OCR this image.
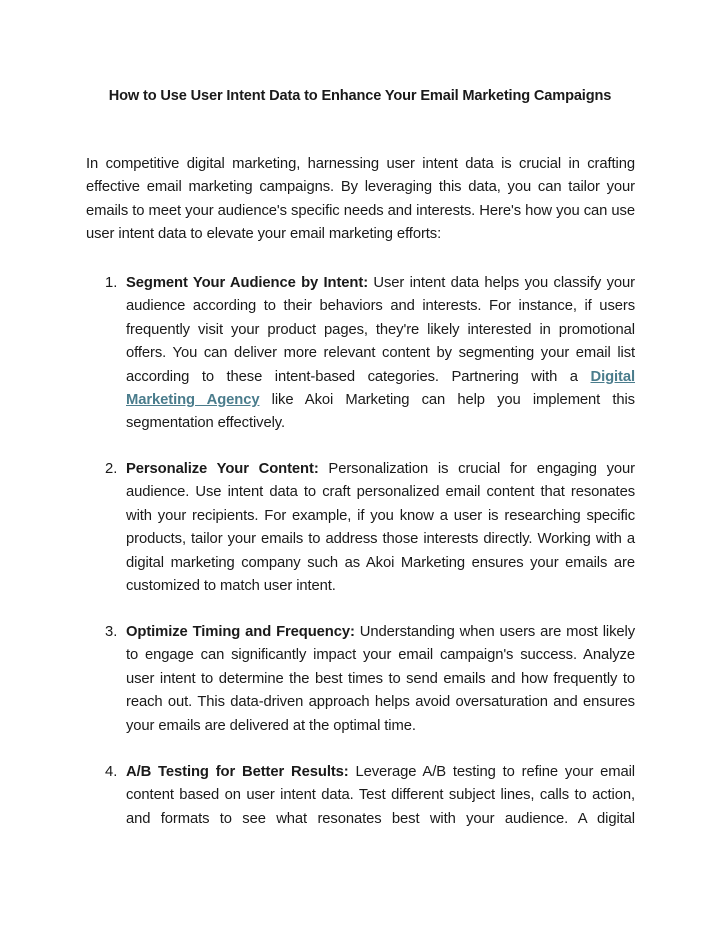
How to Use User Intent Data to Enhance Your Email Marketing Campaigns

In competitive digital marketing, harnessing user intent data is crucial in crafting effective email marketing campaigns. By leveraging this data, you can tailor your emails to meet your audience's specific needs and interests. Here's how you can use user intent data to elevate your email marketing efforts:

1. Segment Your Audience by Intent: User intent data helps you classify your audience according to their behaviors and interests. For instance, if users frequently visit your product pages, they're likely interested in promotional offers. You can deliver more relevant content by segmenting your email list according to these intent-based categories. Partnering with a Digital Marketing Agency like Akoi Marketing can help you implement this segmentation effectively.
2. Personalize Your Content: Personalization is crucial for engaging your audience. Use intent data to craft personalized email content that resonates with your recipients. For example, if you know a user is researching specific products, tailor your emails to address those interests directly. Working with a digital marketing company such as Akoi Marketing ensures your emails are customized to match user intent.
3. Optimize Timing and Frequency: Understanding when users are most likely to engage can significantly impact your email campaign's success. Analyze user intent to determine the best times to send emails and how frequently to reach out. This data-driven approach helps avoid oversaturation and ensures your emails are delivered at the optimal time.
4. A/B Testing for Better Results: Leverage A/B testing to refine your email content based on user intent data. Test different subject lines, calls to action, and formats to see what resonates best with your audience. A digital
